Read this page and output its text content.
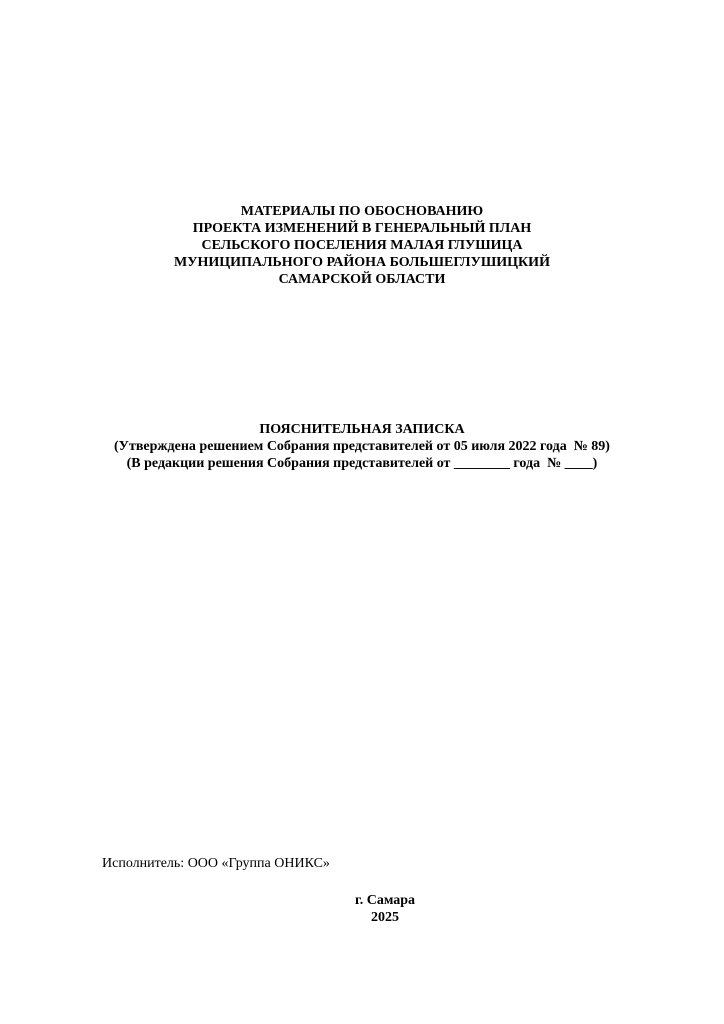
МАТЕРИАЛЫ ПО ОБОСНОВАНИЮ
ПРОЕКТА ИЗМЕНЕНИЙ В ГЕНЕРАЛЬНЫЙ ПЛАН
СЕЛЬСКОГО ПОСЕЛЕНИЯ МАЛАЯ ГЛУШИЦА
МУНИЦИПАЛЬНОГО РАЙОНА БОЛЬШЕГЛУШИЦКИЙ
САМАРСКОЙ ОБЛАСТИ
ПОЯСНИТЕЛЬНАЯ ЗАПИСКА
(Утверждена решением Собрания представителей от 05 июля 2022 года  № 89)
(В редакции решения Собрания представителей от ________ года  № ____)
Исполнитель: ООО «Группа ОНИКС»
г. Самара
2025
